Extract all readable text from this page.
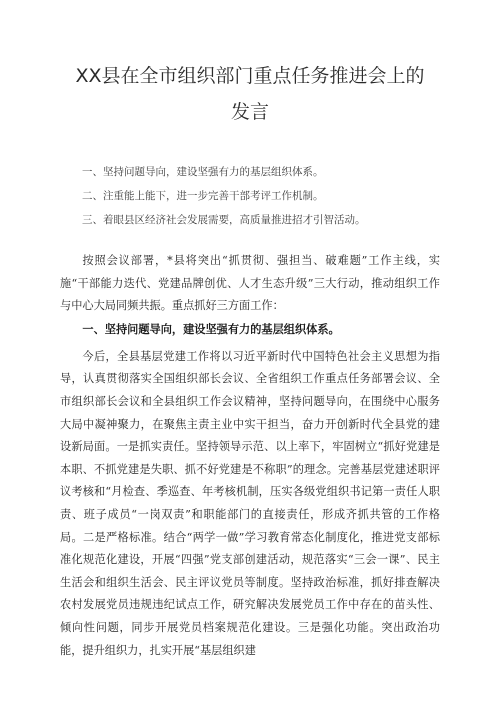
XX县在全市组织部门重点任务推进会上的
发言
一、坚持问题导向，建设坚强有力的基层组织体系。
二、注重能上能下，进一步完善干部考评工作机制。
三、着眼县区经济社会发展需要，高质量推进招才引智活动。

按照会议部署，*县将突出“抓贯彻、强担当、破难题”工作主线，实施“干部能力迭代、党建品牌创优、人才生态升级”三大行动，推动组织工作与中心大局同频共振。重点抓好三方面工作：

一、坚持问题导向，建设坚强有力的基层组织体系。

今后，全县基层党建工作将以习近平新时代中国特色社会主义思想为指导，认真贯彻落实全国组织部长会议、全省组织工作重点任务部署会议、全市组织部长会议和全县组织工作会议精神，坚持问题导向，在围绕中心服务大局中凝神聚力，在聚焦主责主业中实干担当，奋力开创新时代全县党的建设新局面。一是抓实责任。坚持领导示范、以上率下，牢固树立“抓好党建是本职、不抓党建是失职、抓不好党建是不称职”的理念。完善基层党建述职评议考核和“月检查、季巡查、年考核机制，压实各级党组织书记第一责任人职责、班子成员“一岗双责”和职能部门的直接责任，形成齐抓共管的工作格局。二是严格标准。结合“两学一做”学习教育常态化制度化，推进党支部标准化规范化建设，开展“四强”党支部创建活动，规范落实“三会一课”、民主生活会和组织生活会、民主评议党员等制度。坚持政治标准，抓好排查解决农村发展党员违规违纪试点工作，研究解决发展党员工作中存在的苗头性、倾向性问题，同步开展党员档案规范化建设。三是强化功能。突出政治功能，提升组织力，扎实开展“基层组织建
